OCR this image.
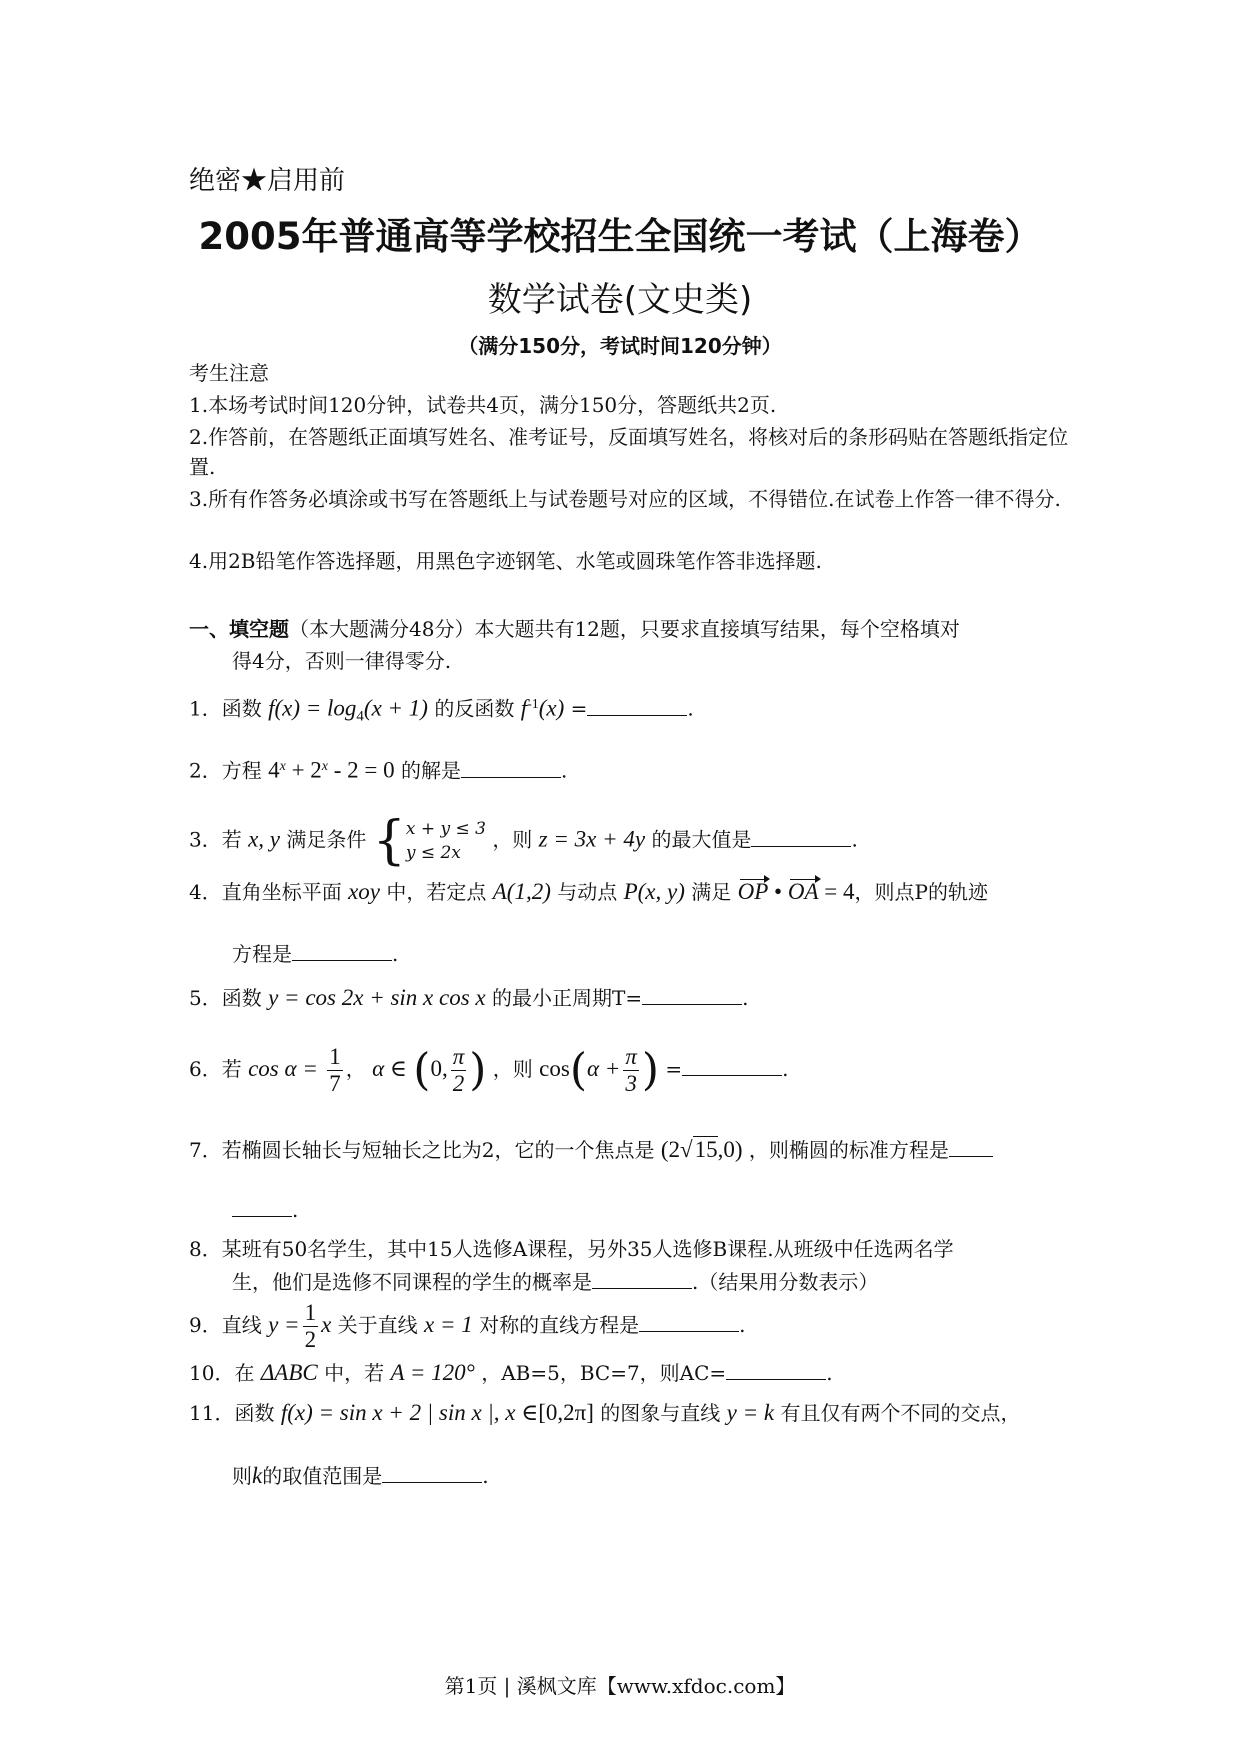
绝密★启用前
2005年普通高等学校招生全国统一考试（上海卷）
数学试卷(文史类)
（满分150分，考试时间120分钟）
考生注意
1.本场考试时间120分钟，试卷共4页，满分150分，答题纸共2页.
2.作答前，在答题纸正面填写姓名、准考证号，反面填写姓名，将核对后的条形码贴在答题纸指定位置.
3.所有作答务必填涂或书写在答题纸上与试卷题号对应的区域，不得错位.在试卷上作答一律不得分.
4.用2B铅笔作答选择题，用黑色字迹钢笔、水笔或圆珠笔作答非选择题.
一、填空题（本大题满分48分）本大题共有12题，只要求直接填写结果，每个空格填对
得4分，否则一律得零分.
1．函数 $f(x) = \log_4(x + 1)$ 的反函数 $f^{-1}(x)$ =	.
2．方程 $4^x + 2^x - 2 = 0$ 的解是	.
3．若 x, y 满足条件 { x + y ≤ 3
y ≤ 2x
，则 z = 3x + 4y 的最大值是	.
4．直角坐标平面 xoy 中，若定点 A(1,2) 与动点 P(x, y) 满足 OP • OA = 4，则点P的轨迹
方程是	.
5．函数 y = cos 2x + sin x cos x 的最小正周期T=	.
6．若 $\cos \alpha = \frac{1}{7}$ ， α ∈ (0, $\frac{\pi}{2}$ ) ，则 $\cos(\alpha + \frac{\pi}{3}$ ) =	.
7．若椭圆长轴长与短轴长之比为2，它的一个焦点是 (2√15,0) ，则椭圆的标准方程是
.
8．某班有50名学生，其中15人选修A课程，另外35人选修B课程.从班级中任选两名学
生，他们是选修不同课程的学生的概率是	.（结果用分数表示）
9．直线 $y = \frac{1}{2}$ x 关于直线 x = 1 对称的直线方程是	.
10．在 ΔABC 中，若 A = 120° ，AB=5，BC=7，则AC=	.
11．函数 f(x) = sin x + 2 | sin x |, x ∈[0,2π] 的图象与直线 y = k 有且仅有两个不同的交点，
则k的取值范围是	.
第1页 | 溪枫文库【www.xfdoc.com】
